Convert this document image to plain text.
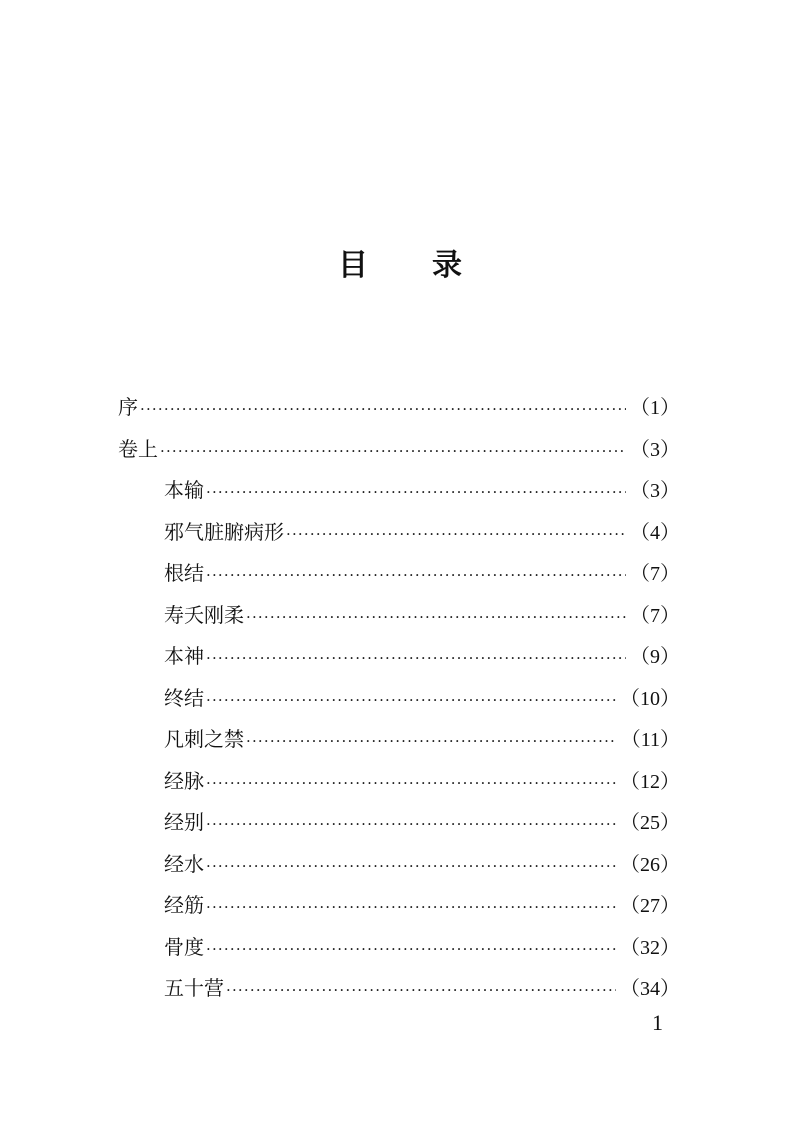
目 录
序 ·····	（1）
卷上 ·····	（3）
本输 ·····	（3）
邪气脏腑病形 ·····	（4）
根结 ·····	（7）
寿夭刚柔 ·····	（7）
本神 ·····	（9）
终结 ·····	（10）
凡刺之禁 ·····	（11）
经脉 ·····	（12）
经别 ·····	（25）
经水 ·····	（26）
经筋 ·····	（27）
骨度 ·····	（32）
五十营 ·····	（34）
1
